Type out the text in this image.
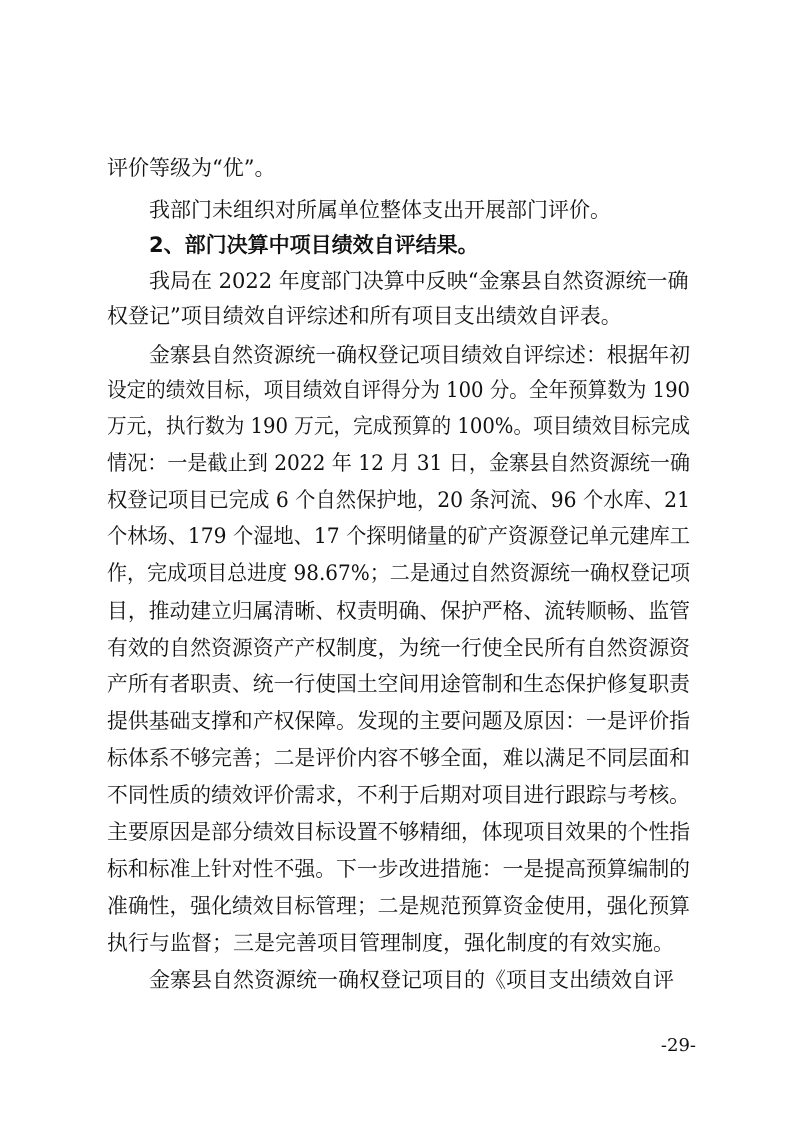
评价等级为“优”。
我部门未组织对所属单位整体支出开展部门评价。
2、部门决算中项目绩效自评结果。
我局在 2022 年度部门决算中反映“金寨县自然资源统一确
权登记”项目绩效自评综述和所有项目支出绩效自评表。
金寨县自然资源统一确权登记项目绩效自评综述：根据年初
设定的绩效目标，项目绩效自评得分为 100 分。全年预算数为 190
万元，执行数为 190 万元，完成预算的 100%。项目绩效目标完成
情况：一是截止到 2022 年 12 月 31 日，金寨县自然资源统一确
权登记项目已完成 6 个自然保护地，20 条河流、96 个水库、21
个林场、179 个湿地、17 个探明储量的矿产资源登记单元建库工
作，完成项目总进度 98.67%；二是通过自然资源统一确权登记项
目，推动建立归属清晰、权责明确、保护严格、流转顺畅、监管
有效的自然资源资产产权制度，为统一行使全民所有自然资源资
产所有者职责、统一行使国土空间用途管制和生态保护修复职责
提供基础支撑和产权保障。发现的主要问题及原因：一是评价指
标体系不够完善；二是评价内容不够全面，难以满足不同层面和
不同性质的绩效评价需求，不利于后期对项目进行跟踪与考核。
主要原因是部分绩效目标设置不够精细，体现项目效果的个性指
标和标准上针对性不强。下一步改进措施：一是提高预算编制的
准确性，强化绩效目标管理；二是规范预算资金使用，强化预算
执行与监督；三是完善项目管理制度，强化制度的有效实施。
金寨县自然资源统一确权登记项目的《项目支出绩效自评
-29-
